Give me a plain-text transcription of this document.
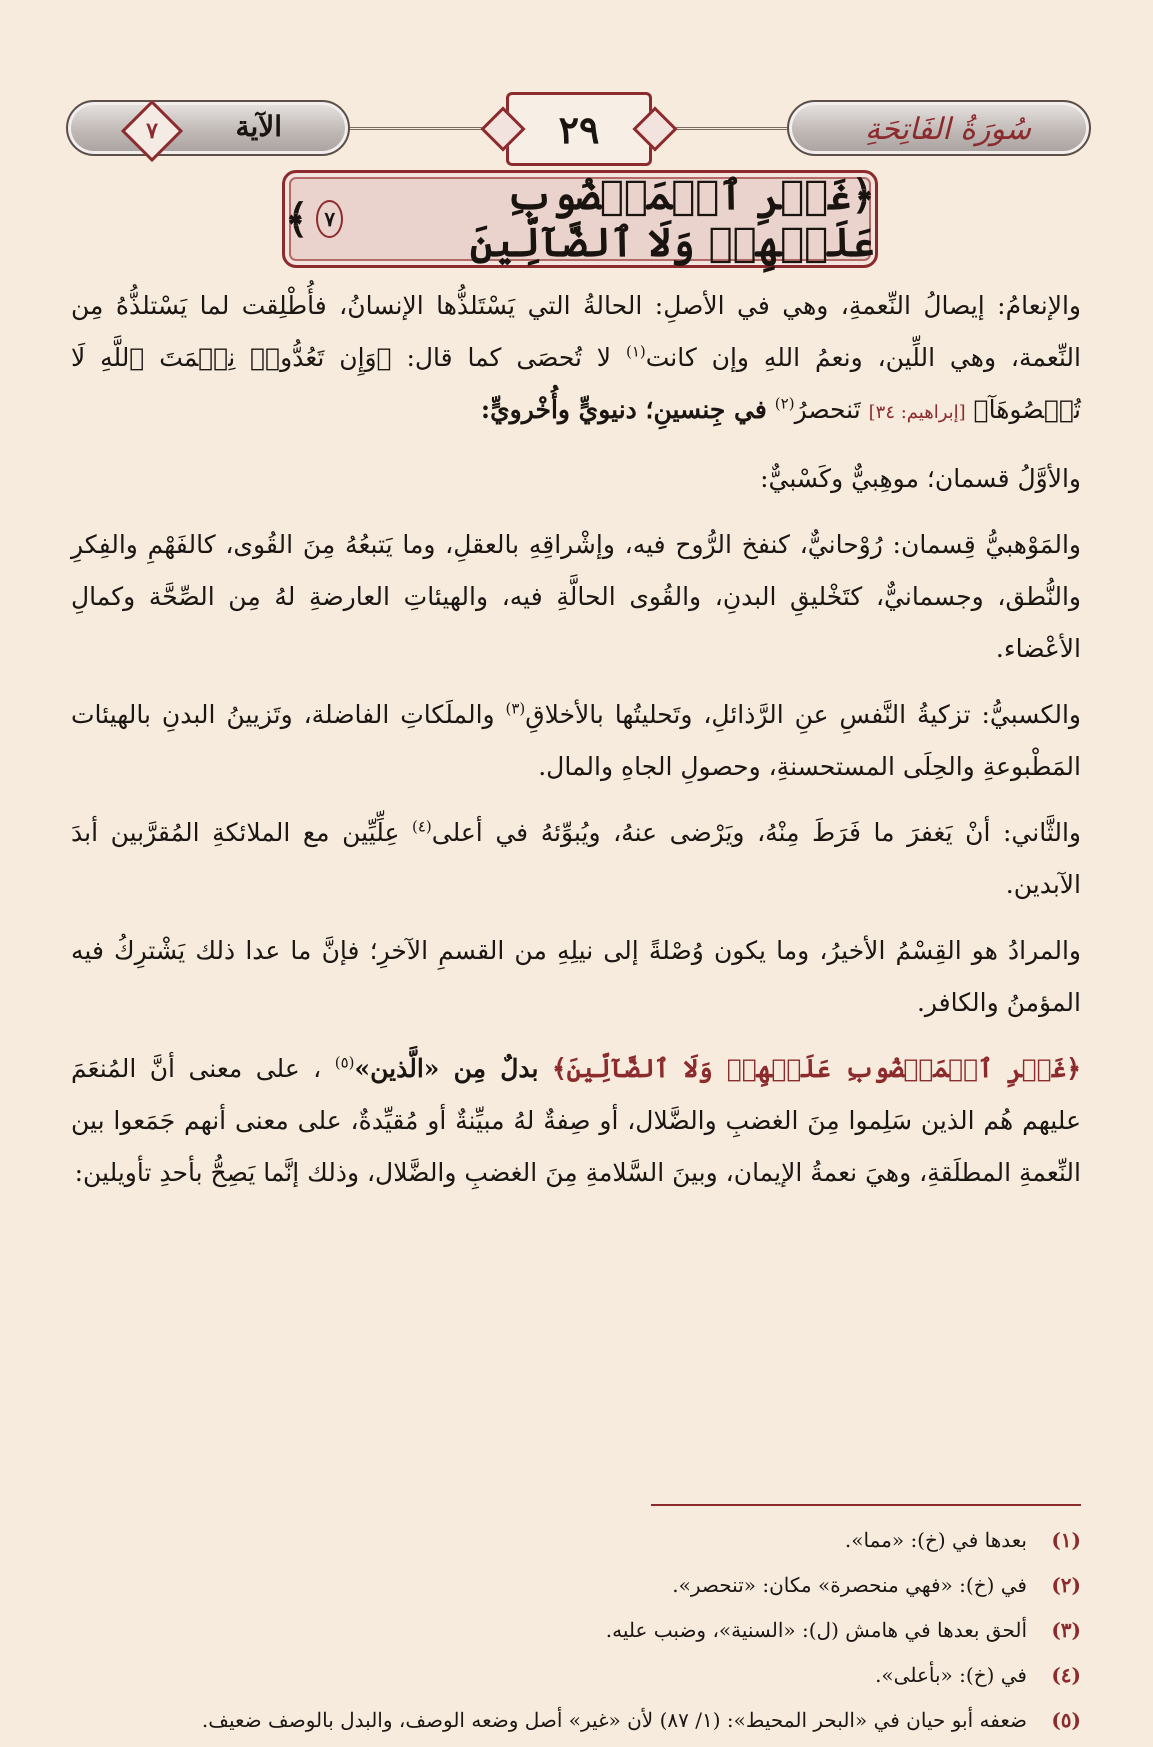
سُورَةُ الفَاتِحَةِ
٢٩
الآية
٧
﴿غَيۡرِ ٱلۡمَغۡضُوبِ عَلَيۡهِمۡ وَلَا ٱلضَّآلِّينَ
٧
﴾

والإنعامُ: إيصالُ النِّعمةِ، وهي في الأصلِ: الحالةُ التي يَسْتَلذُّها الإنسانُ، فأُطْلِقت لما يَسْتلذُّهُ مِن النِّعمة، وهي اللِّين، ونعمُ اللهِ وإن كانت$^{(١)}$ لا تُحصَى كما قال: ﴿وَإِن تَعُدُّوا۟ نِعۡمَتَ ٱللَّهِ لَا تُحۡصُوهَآ﴾ [إبراهيم: ٣٤] تَنحصرُ$^{(٢)}$ في جِنسينِ؛ دنيويٍّ وأُخْرويٍّ:

والأوَّلُ قسمان؛ موهِبيٌّ وكَسْبيٌّ:

والمَوْهبيُّ قِسمان: رُوْحانيٌّ، كنفخ الرُّوح فيه، وإشْراقِهِ بالعقلِ، وما يَتبعُهُ مِنَ القُوى، كالفَهْمِ والفِكرِ والنُّطق، وجسمانيٌّ، كتَخْليقِ البدنِ، والقُوى الحالَّةِ فيه، والهيئاتِ العارضةِ لهُ مِن الصِّحَّة وكمالِ الأعْضاء.

والكسبيُّ: تزكيةُ النَّفسِ عنِ الرَّذائلِ، وتَحليتُها بالأخلاقِ$^{(٣)}$ والملَكاتِ الفاضلة، وتَزيينُ البدنِ بالهيئات المَطْبوعةِ والحِلَى المستحسنةِ، وحصولِ الجاهِ والمال.

والثَّاني: أنْ يَغفرَ ما فَرَطَ مِنْهُ، ويَرْضى عنهُ، ويُبوِّئهُ في أعلى$^{(٤)}$ عِلِّيِّين مع الملائكةِ المُقرَّبين أبدَ الآبدين.

والمرادُ هو القِسْمُ الأخيرُ، وما يكون وُصْلةً إلى نيلِهِ من القسمِ الآخرِ؛ فإنَّ ما عدا ذلك يَشْترِكُ فيه المؤمنُ والكافر.

﴿غَيۡرِ ٱلۡمَغۡضُوبِ عَلَيۡهِمۡ وَلَا ٱلضَّآلِّينَ﴾ بدلٌ مِن «الَّذين»$^{(٥)}$ ، على معنى أنَّ المُنعَمَ عليهم هُم الذين سَلِموا مِنَ الغضبِ والضَّلال، أو صِفةٌ لهُ مبيِّنةٌ أو مُقيِّدةٌ، على معنى أنهم جَمَعوا بين النِّعمةِ المطلَقةِ، وهيَ نعمةُ الإيمان، وبينَ السَّلامةِ مِنَ الغضبِ والضَّلال، وذلك إنَّما يَصِحُّ بأحدِ تأويلين:

(١)
بعدها في (خ): «مما».
(٢)
في (خ): «فهي منحصرة» مكان: «تنحصر».
(٣)
ألحق بعدها في هامش (ل): «السنية»، وضبب عليه.
(٤)
في (خ): «بأعلى».
(٥)
ضعفه أبو حيان في «البحر المحيط»: (١/ ٨٧) لأن «غير» أصل وضعه الوصف، والبدل بالوصف ضعيف.
